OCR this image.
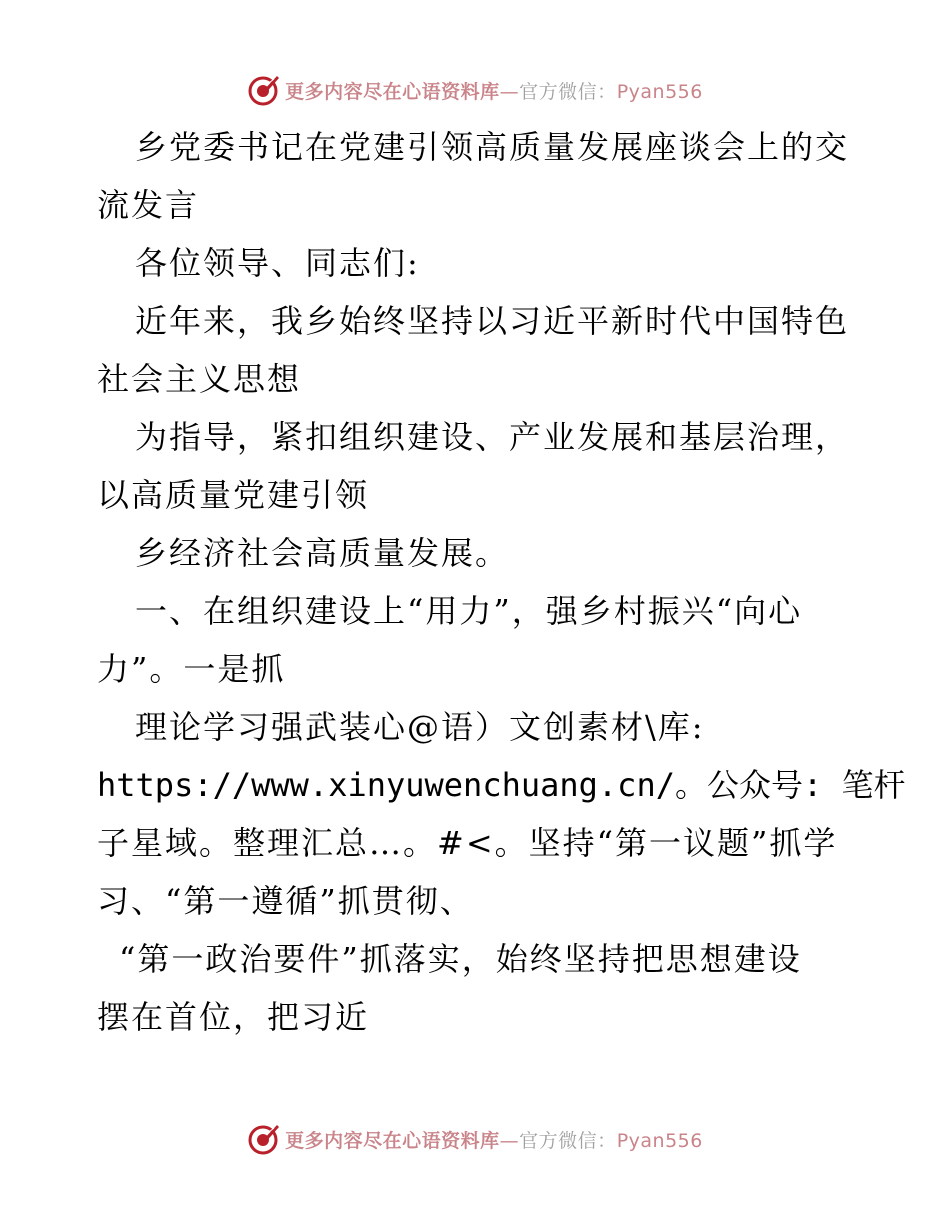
更多内容尽在心语资料库—官方微信：Pyan556
乡党委书记在党建引领高质量发展座谈会上的交
流发言
各位领导、同志们:
近年来，我乡始终坚持以习近平新时代中国特色
社会主义思想
为指导，紧扣组织建设、产业发展和基层治理，
以高质量党建引领
乡经济社会高质量发展。
一、在组织建设上“用力”，强乡村振兴“向心
力”。一是抓
理论学习强武装心@语）文创素材\库:
https://www.xinyuwenchuang.cn/。公众号: 笔杆
子星域。整理汇总…。#<。坚持“第一议题”抓学
习、“第一遵循”抓贯彻、
“第一政治要件”抓落实，始终坚持把思想建设
摆在首位，把习近
更多内容尽在心语资料库—官方微信：Pyan556
